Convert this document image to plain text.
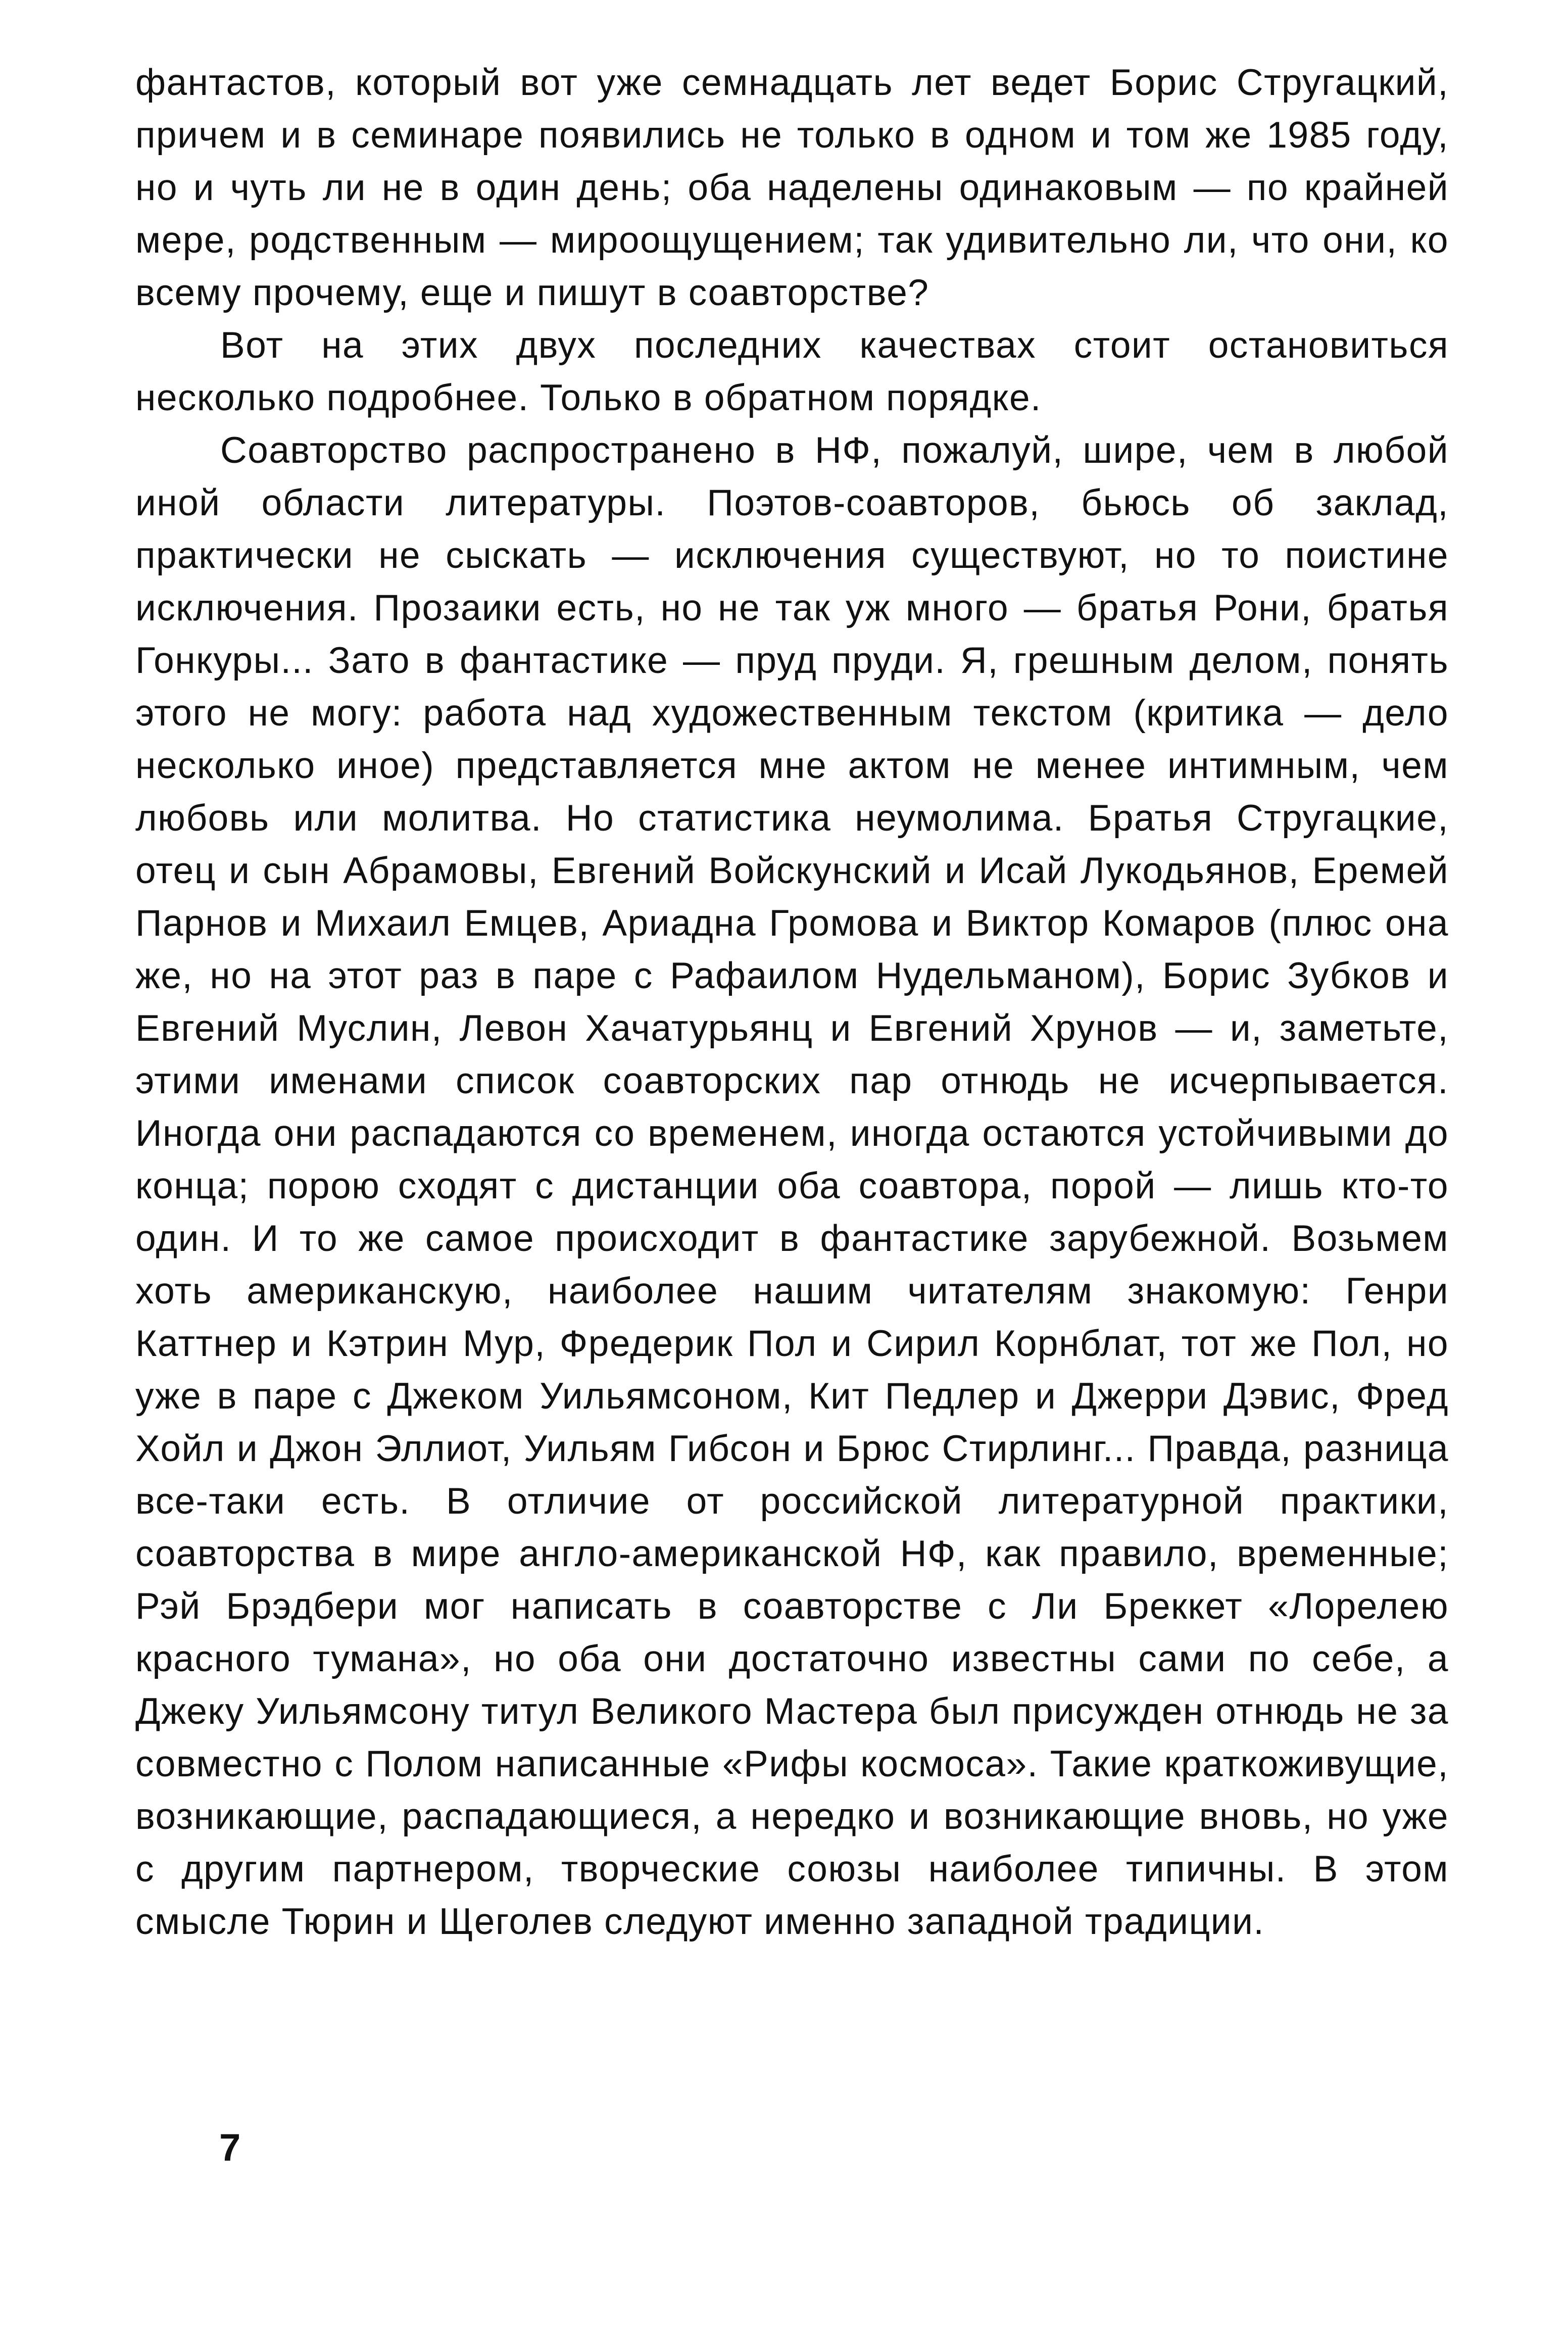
фантастов, который вот уже семнадцать лет ведет Борис Стругацкий, причем и в семинаре появились не только в одном и том же 1985 году, но и чуть ли не в один день; оба наделены одинаковым — по крайней мере, родственным — мироощущением; так удивительно ли, что они, ко всему прочему, еще и пишут в соавторстве?

Вот на этих двух последних качествах стоит остановиться несколько подробнее. Только в обратном порядке.

Соавторство распространено в НФ, пожалуй, шире, чем в любой иной области литературы. Поэтов-соавторов, бьюсь об заклад, практически не сыскать — исключения существуют, но то поистине исключения. Прозаики есть, но не так уж много — братья Рони, братья Гонкуры... Зато в фантастике — пруд пруди. Я, грешным делом, понять этого не могу: работа над художественным текстом (критика — дело несколько иное) представляется мне актом не менее интимным, чем любовь или молитва. Но статистика неумолима. Братья Стругацкие, отец и сын Абрамовы, Евгений Войскунский и Исай Лукодьянов, Еремей Парнов и Михаил Емцев, Ариадна Громова и Виктор Комаров (плюс она же, но на этот раз в паре с Рафаилом Нудельманом), Борис Зубков и Евгений Муслин, Левон Хачатурьянц и Евгений Хрунов — и, заметьте, этими именами список соавторских пар отнюдь не исчерпывается. Иногда они распадаются со временем, иногда остаются устойчивыми до конца; порою сходят с дистанции оба соавтора, порой — лишь кто-то один. И то же самое происходит в фантастике зарубежной. Возьмем хоть американскую, наиболее нашим читателям знакомую: Генри Каттнер и Кэтрин Мур, Фредерик Пол и Сирил Корнблат, тот же Пол, но уже в паре с Джеком Уильямсоном, Кит Педлер и Джерри Дэвис, Фред Хойл и Джон Эллиот, Уильям Гибсон и Брюс Стирлинг... Правда, разница все-таки есть. В отличие от российской литературной практики, соавторства в мире англо-американской НФ, как правило, временные; Рэй Брэдбери мог написать в соавторстве с Ли Бреккет «Лорелею красного тумана», но оба они достаточно известны сами по себе, а Джеку Уильямсону титул Великого Мастера был присужден отнюдь не за совместно с Полом написанные «Рифы космоса». Такие краткоживущие, возникающие, распадающиеся, а нередко и возникающие вновь, но уже с другим партнером, творческие союзы наиболее типичны. В этом смысле Тюрин и Щеголев следуют именно западной традиции.

7
